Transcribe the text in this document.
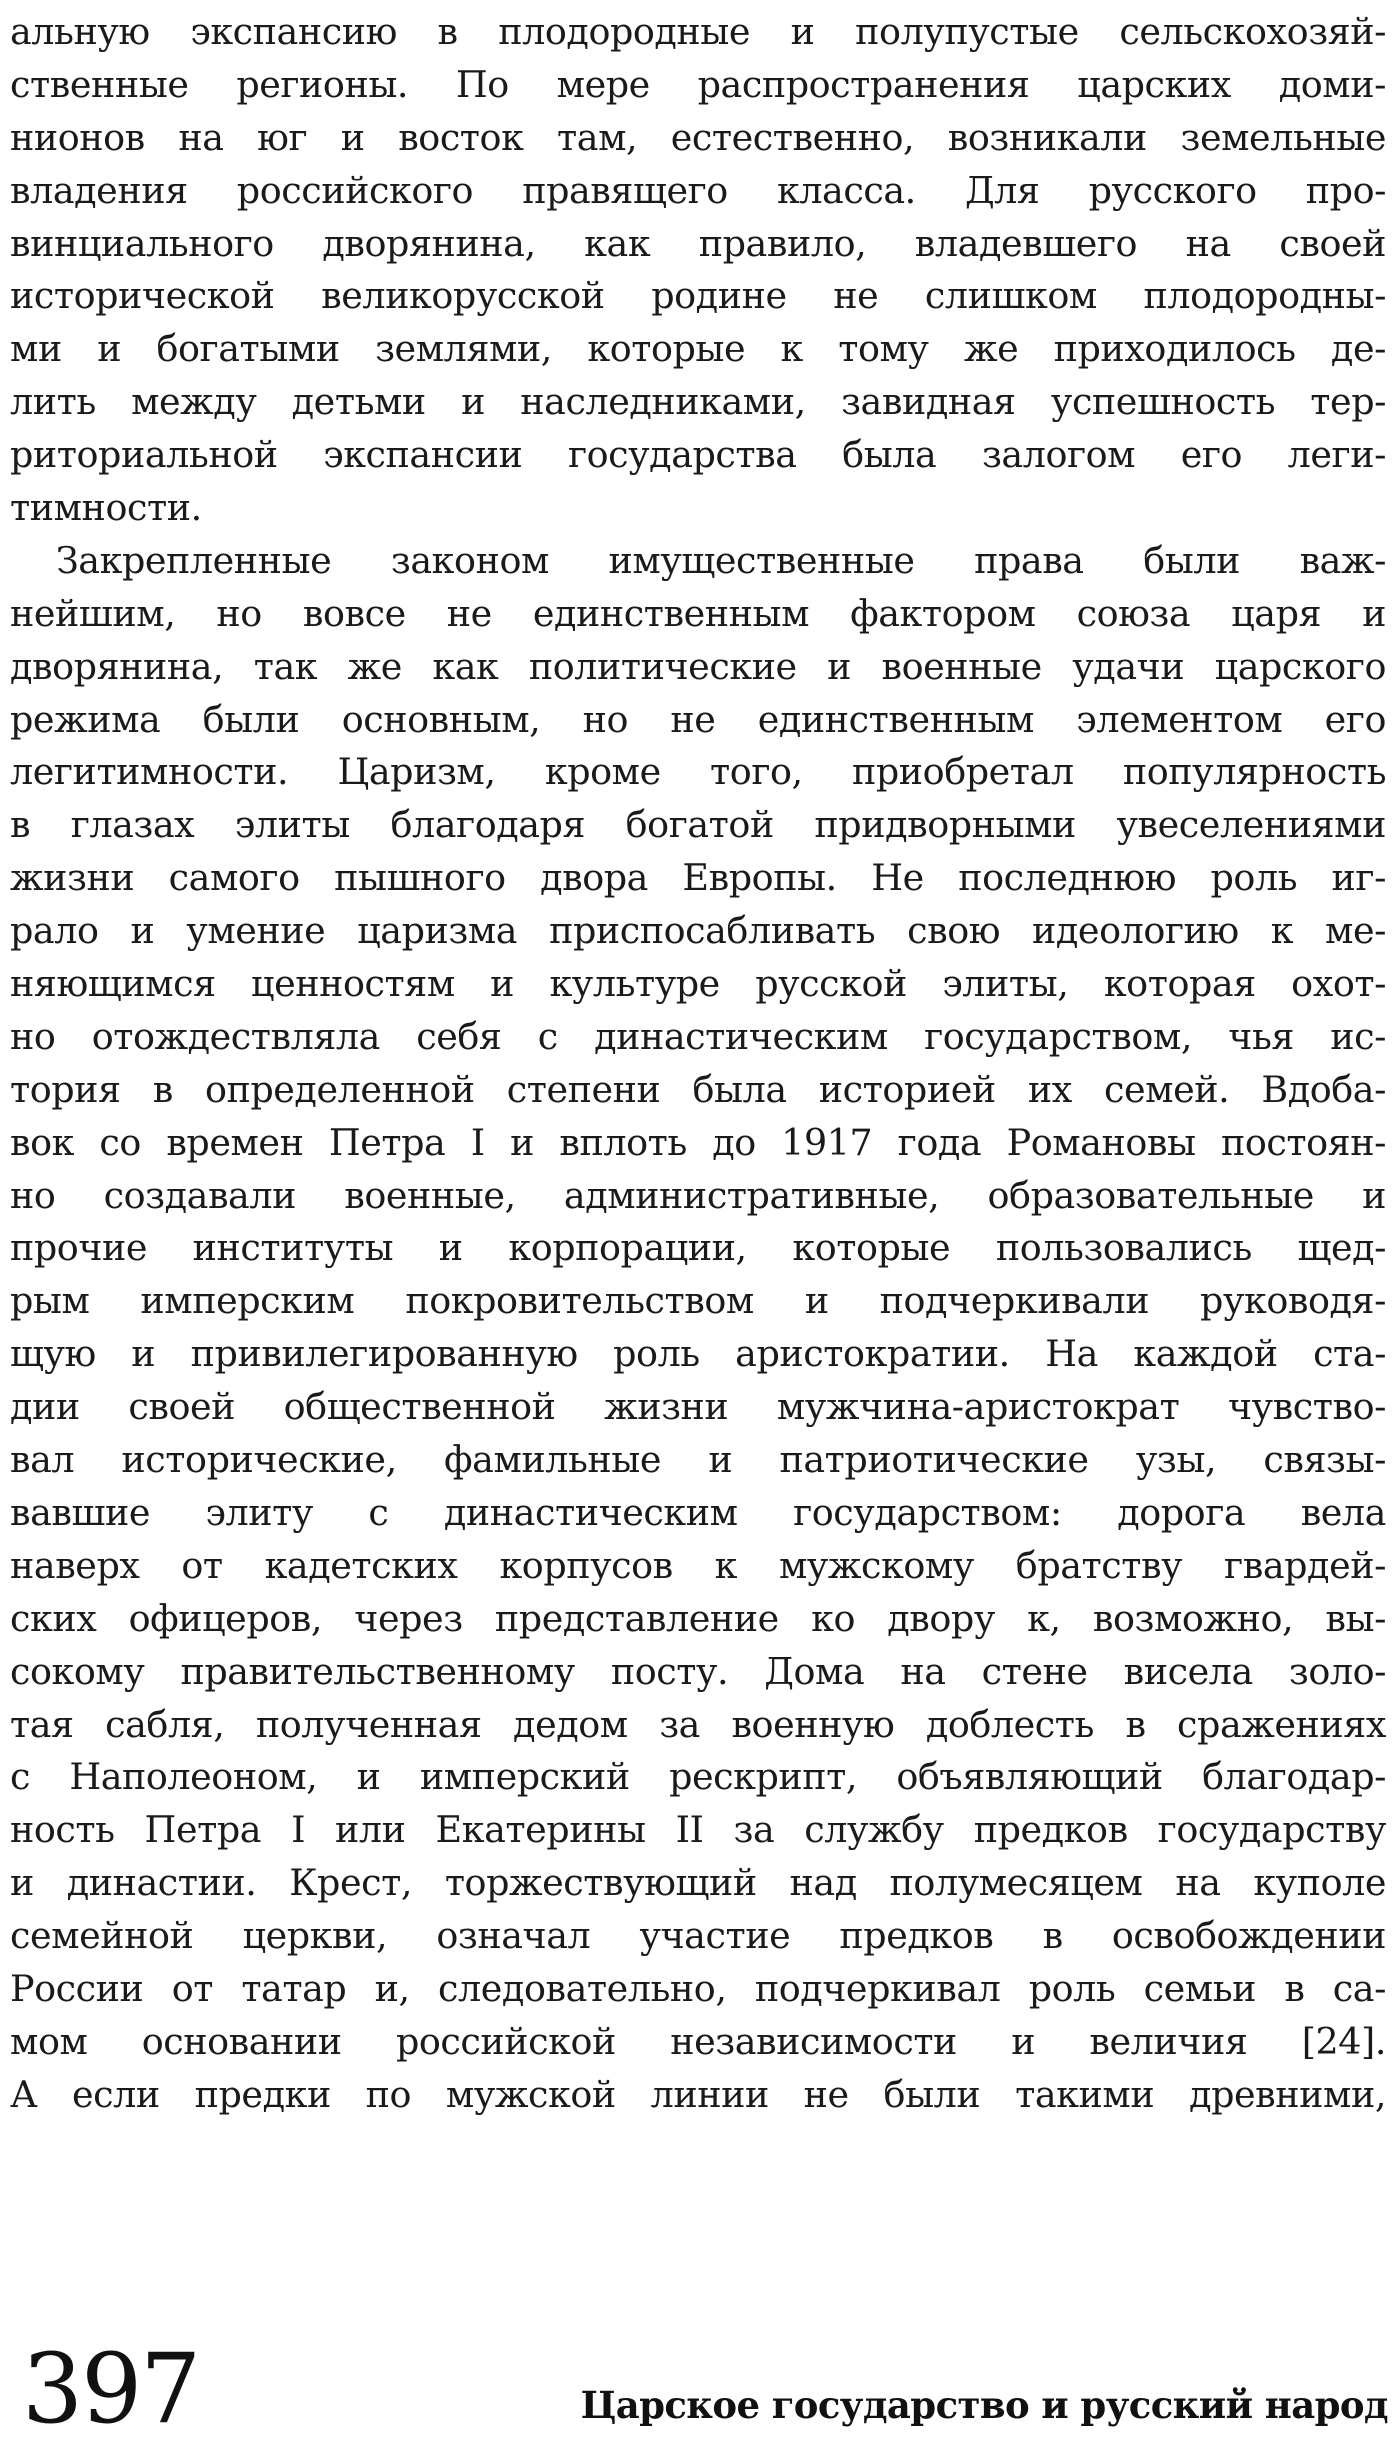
альную экспансию в плодородные и полупустые сельскохозяй-
ственные регионы. По мере распространения царских доми-
нионов на юг и восток там, естественно, возникали земельные
владения российского правящего класса. Для русского про-
винциального дворянина, как правило, владевшего на своей
исторической великорусской родине не слишком плодородны-
ми и богатыми землями, которые к тому же приходилось де-
лить между детьми и наследниками, завидная успешность тер-
риториальной экспансии государства была залогом его леги-
тимности.
Закрепленные законом имущественные права были важ-
нейшим, но вовсе не единственным фактором союза царя и
дворянина, так же как политические и военные удачи царского
режима были основным, но не единственным элементом его
легитимности. Царизм, кроме того, приобретал популярность
в глазах элиты благодаря богатой придворными увеселениями
жизни самого пышного двора Европы. Не последнюю роль иг-
рало и умение царизма приспосабливать свою идеологию к ме-
няющимся ценностям и культуре русской элиты, которая охот-
но отождествляла себя с династическим государством, чья ис-
тория в определенной степени была историей их семей. Вдоба-
вок со времен Петра I и вплоть до 1917 года Романовы постоян-
но создавали военные, административные, образовательные и
прочие институты и корпорации, которые пользовались щед-
рым имперским покровительством и подчеркивали руководя-
щую и привилегированную роль аристократии. На каждой ста-
дии своей общественной жизни мужчина-аристократ чувство-
вал исторические, фамильные и патриотические узы, связы-
вавшие элиту с династическим государством: дорога вела
наверх от кадетских корпусов к мужскому братству гвардей-
ских офицеров, через представление ко двору к, возможно, вы-
сокому правительственному посту. Дома на стене висела золо-
тая сабля, полученная дедом за военную доблесть в сражениях
с Наполеоном, и имперский рескрипт, объявляющий благодар-
ность Петра I или Екатерины II за службу предков государству
и династии. Крест, торжествующий над полумесяцем на куполе
семейной церкви, означал участие предков в освобождении
России от татар и, следовательно, подчеркивал роль семьи в са-
мом основании российской независимости и величия [24].
А если предки по мужской линии не были такими древними,
397	Царское государство и русский народ
